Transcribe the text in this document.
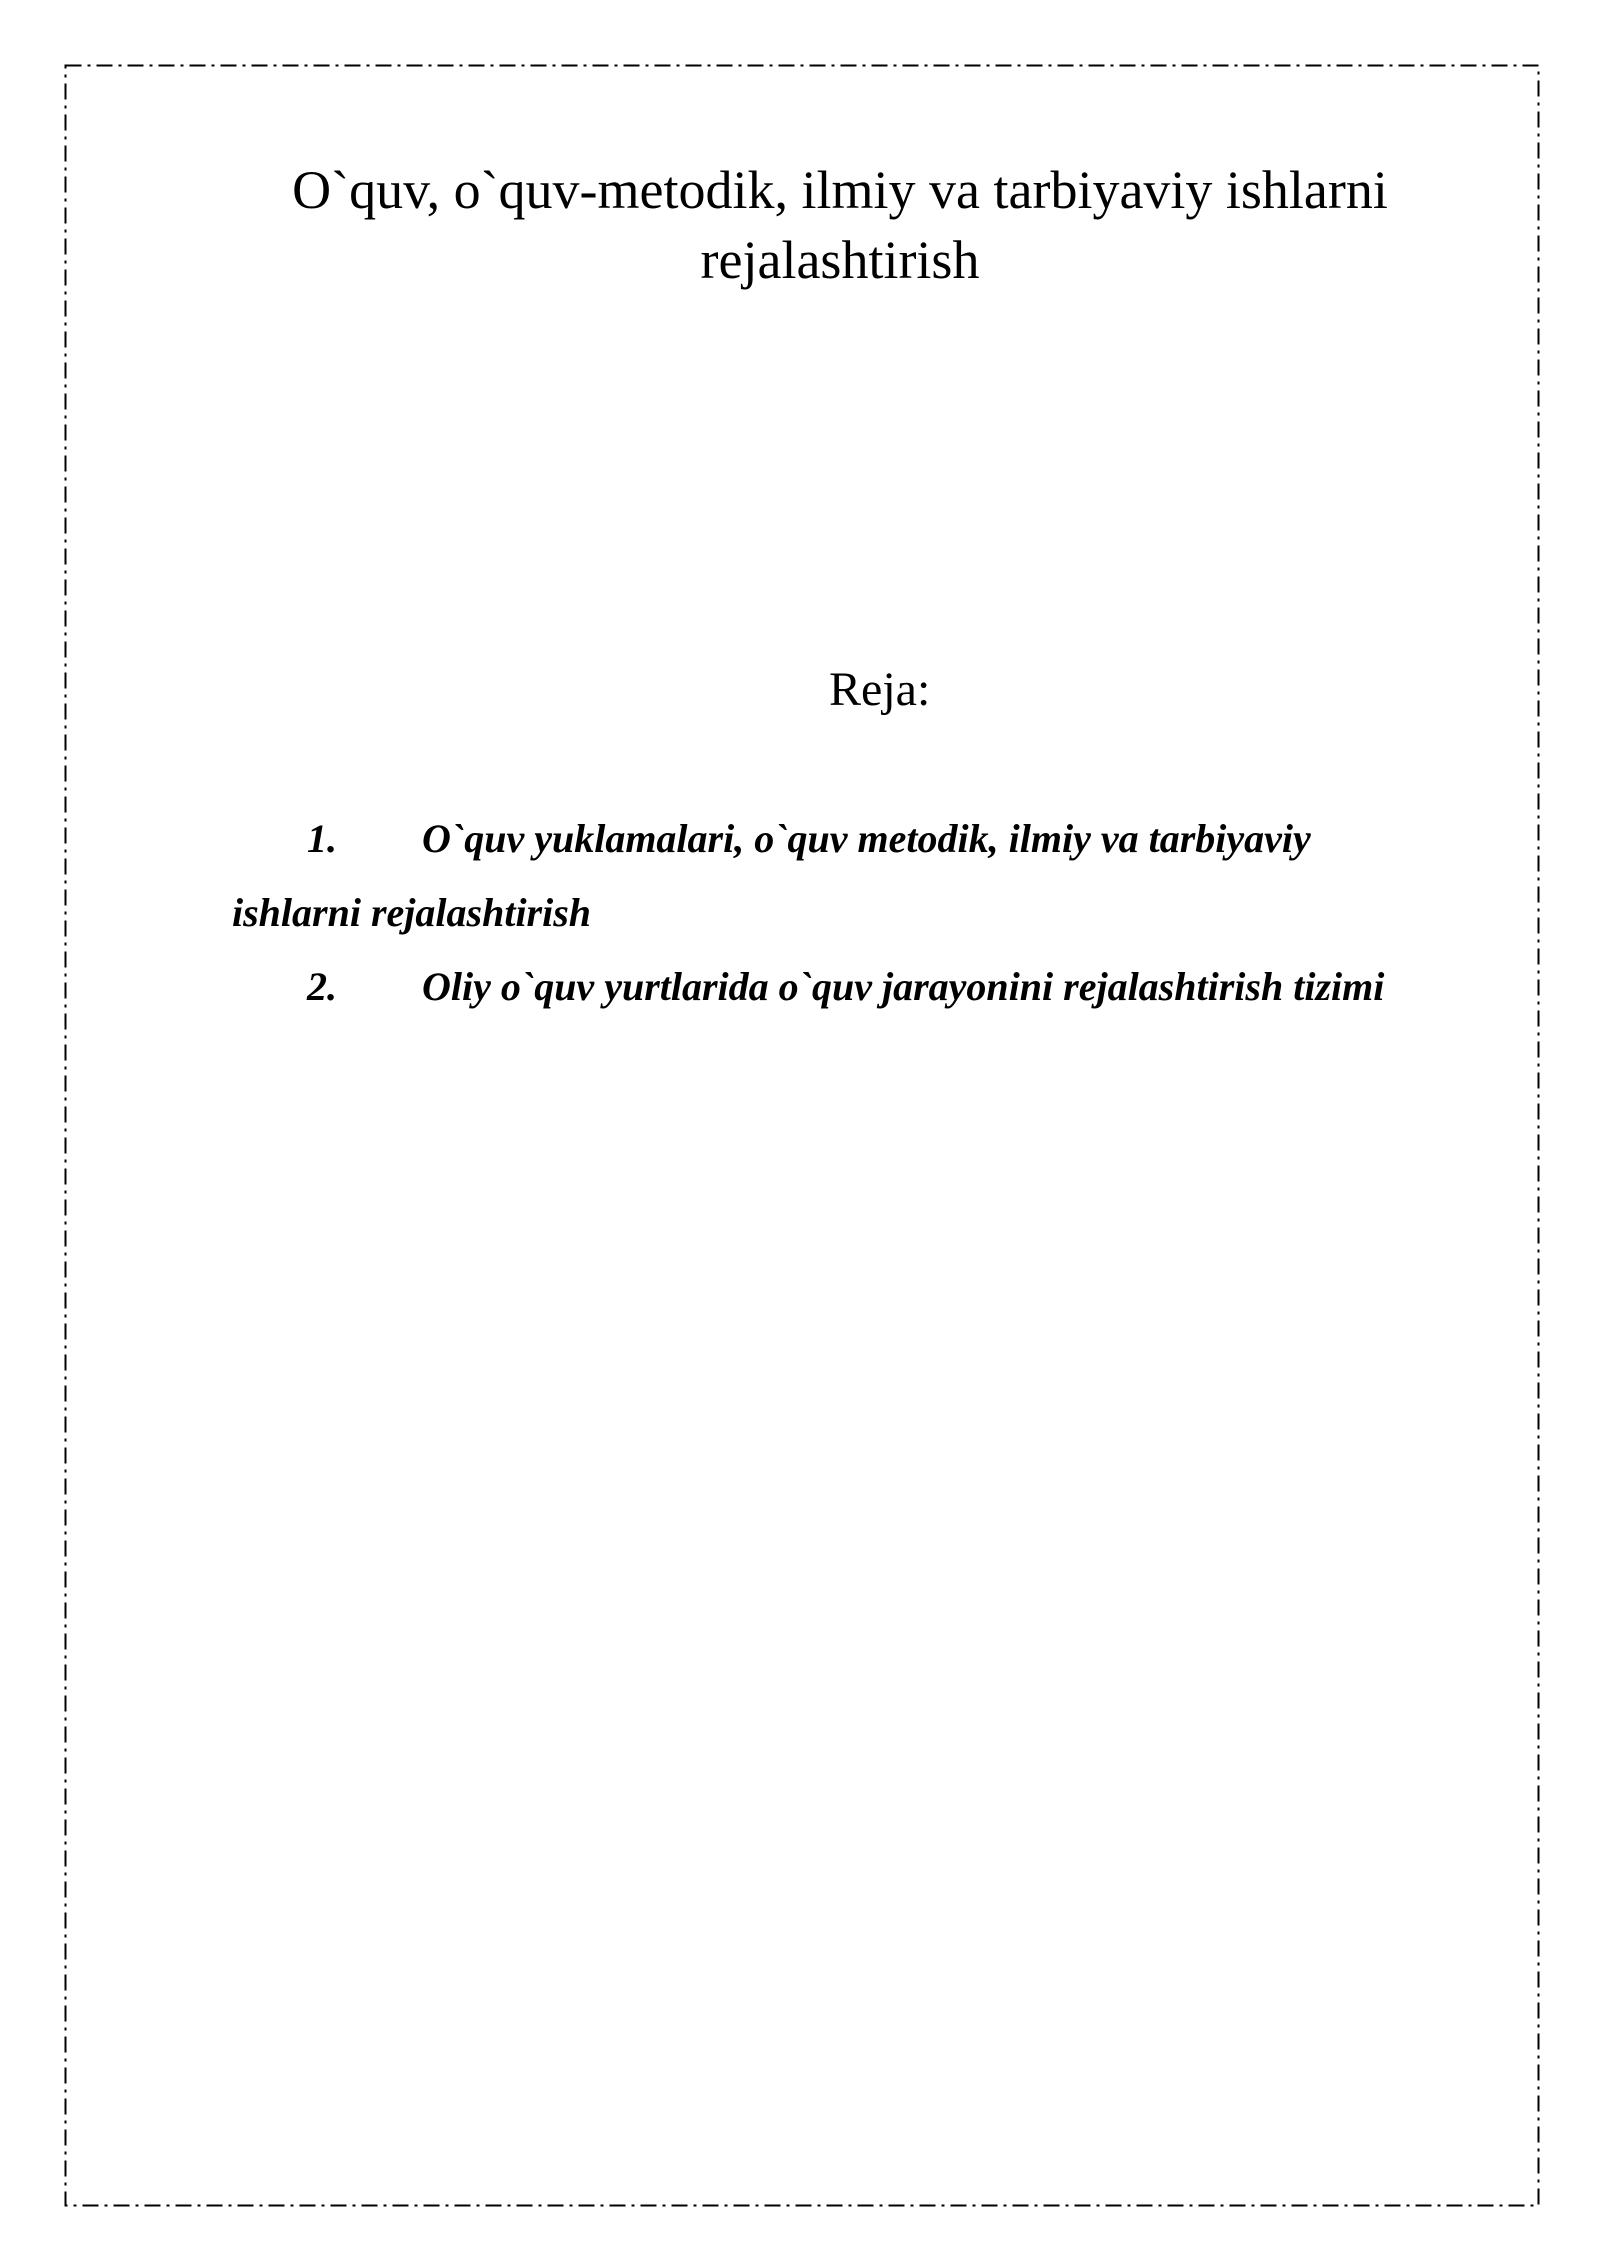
O`quv, o`quv-metodik, ilmiy va tarbiyaviy ishlarni rejalashtirish
Reja:
1. O`quv yuklamalari, o`quv metodik, ilmiy va tarbiyaviy ishlarni rejalashtirish
2. Oliy o`quv yurtlarida o`quv jarayonini rejalashtirish tizimi
